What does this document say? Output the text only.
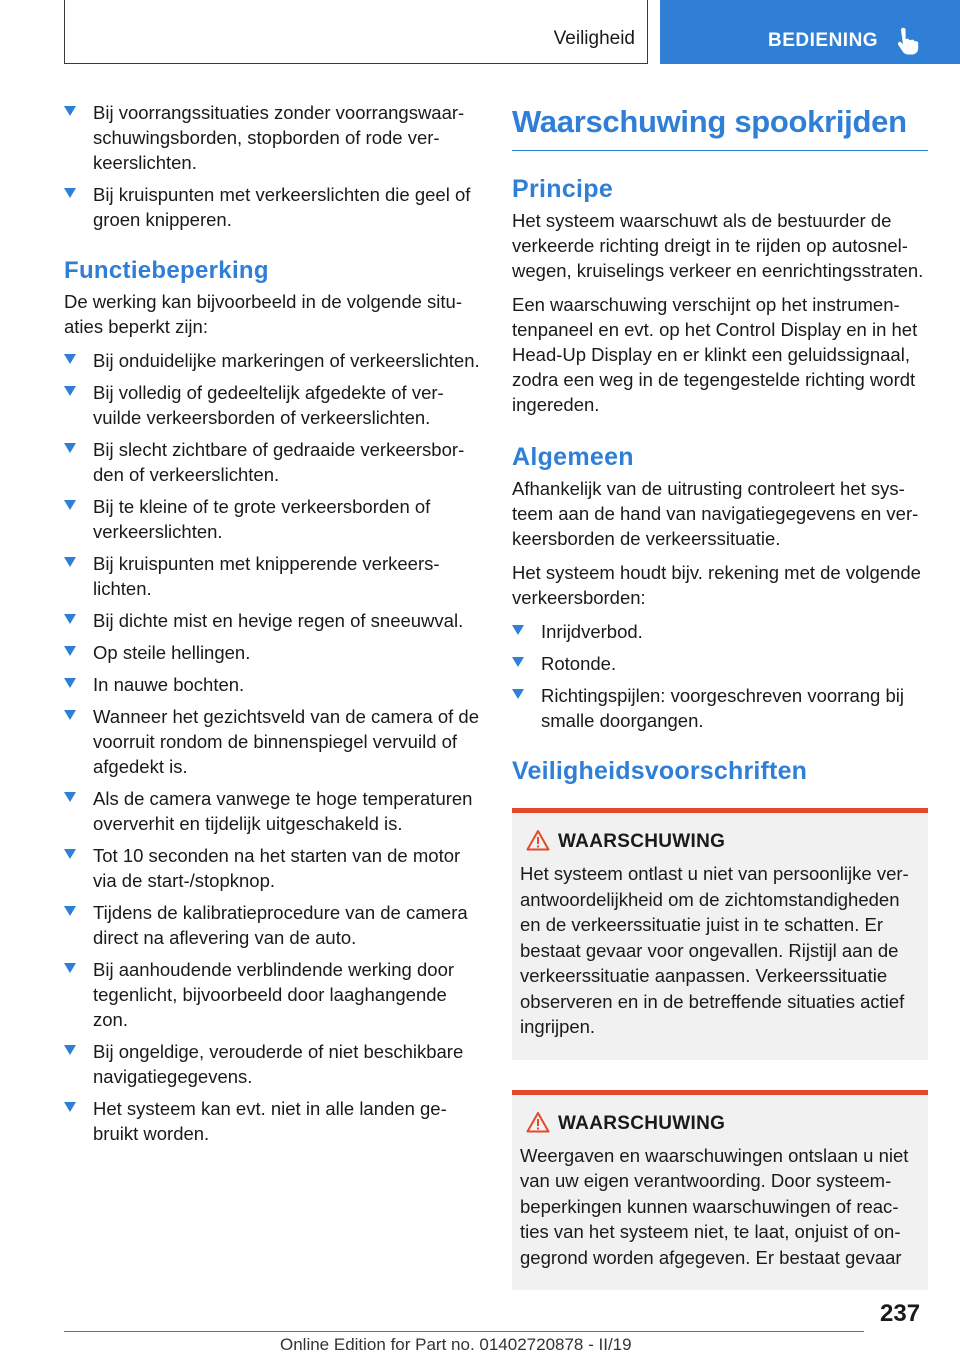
Veiligheid	BEDIENING
Bij voorrangssituaties zonder voorrangswaarschuwingsborden, stopborden of rode verkeerslichten.
Bij kruispunten met verkeerslichten die geel of groen knipperen.
Functiebeperking

De werking kan bijvoorbeeld in de volgende situaties beperkt zijn:

Bij onduidelijke markeringen of verkeerslichten.
Bij volledig of gedeeltelijk afgedekte of vervuilde verkeersborden of verkeerslichten.
Bij slecht zichtbare of gedraaide verkeersborden of verkeerslichten.
Bij te kleine of te grote verkeersborden of verkeerslichten.
Bij kruispunten met knipperende verkeerslichten.
Bij dichte mist en hevige regen of sneeuwval.
Op steile hellingen.
In nauwe bochten.
Wanneer het gezichtsveld van de camera of de voorruit rondom de binnenspiegel vervuild of afgedekt is.
Als de camera vanwege te hoge temperaturen oververhit en tijdelijk uitgeschakeld is.
Tot 10 seconden na het starten van de motor via de start-/stopknop.
Tijdens de kalibratieprocedure van de camera direct na aflevering van de auto.
Bij aanhoudende verblindende werking door tegenlicht, bijvoorbeeld door laaghangende zon.
Bij ongeldige, verouderde of niet beschikbare navigatiegegevens.
Het systeem kan evt. niet in alle landen gebruikt worden.
Waarschuwing spookrijden
Principe

Het systeem waarschuwt als de bestuurder de verkeerde richting dreigt in te rijden op autosnelwegen, kruiselings verkeer en eenrichtingsstraten.

Een waarschuwing verschijnt op het instrumentenpaneel en evt. op het Control Display en in het Head-Up Display en er klinkt een geluidssignaal, zodra een weg in de tegengestelde richting wordt ingereden.

Algemeen

Afhankelijk van de uitrusting controleert het systeem aan de hand van navigatiegegevens en verkeersborden de verkeerssituatie.

Het systeem houdt bijv. rekening met de volgende verkeersborden:

Inrijdverbod.
Rotonde.
Richtingspijlen: voorgeschreven voorrang bij smalle doorgangen.
Veiligheidsvoorschriften
WAARSCHUWING
Het systeem ontlast u niet van persoonlijke verantwoordelijkheid om de zichtomstandigheden en de verkeerssituatie juist in te schatten. Er bestaat gevaar voor ongevallen. Rijstijl aan de verkeerssituatie aanpassen. Verkeerssituatie observeren en in de betreffende situaties actief ingrijpen.
WAARSCHUWING
Weergaven en waarschuwingen ontslaan u niet van uw eigen verantwoording. Door systeembeperkingen kunnen waarschuwingen of reacties van het systeem niet, te laat, onjuist of ongegrond worden afgegeven. Er bestaat gevaar
237
Online Edition for Part no. 01402720878 - II/19
